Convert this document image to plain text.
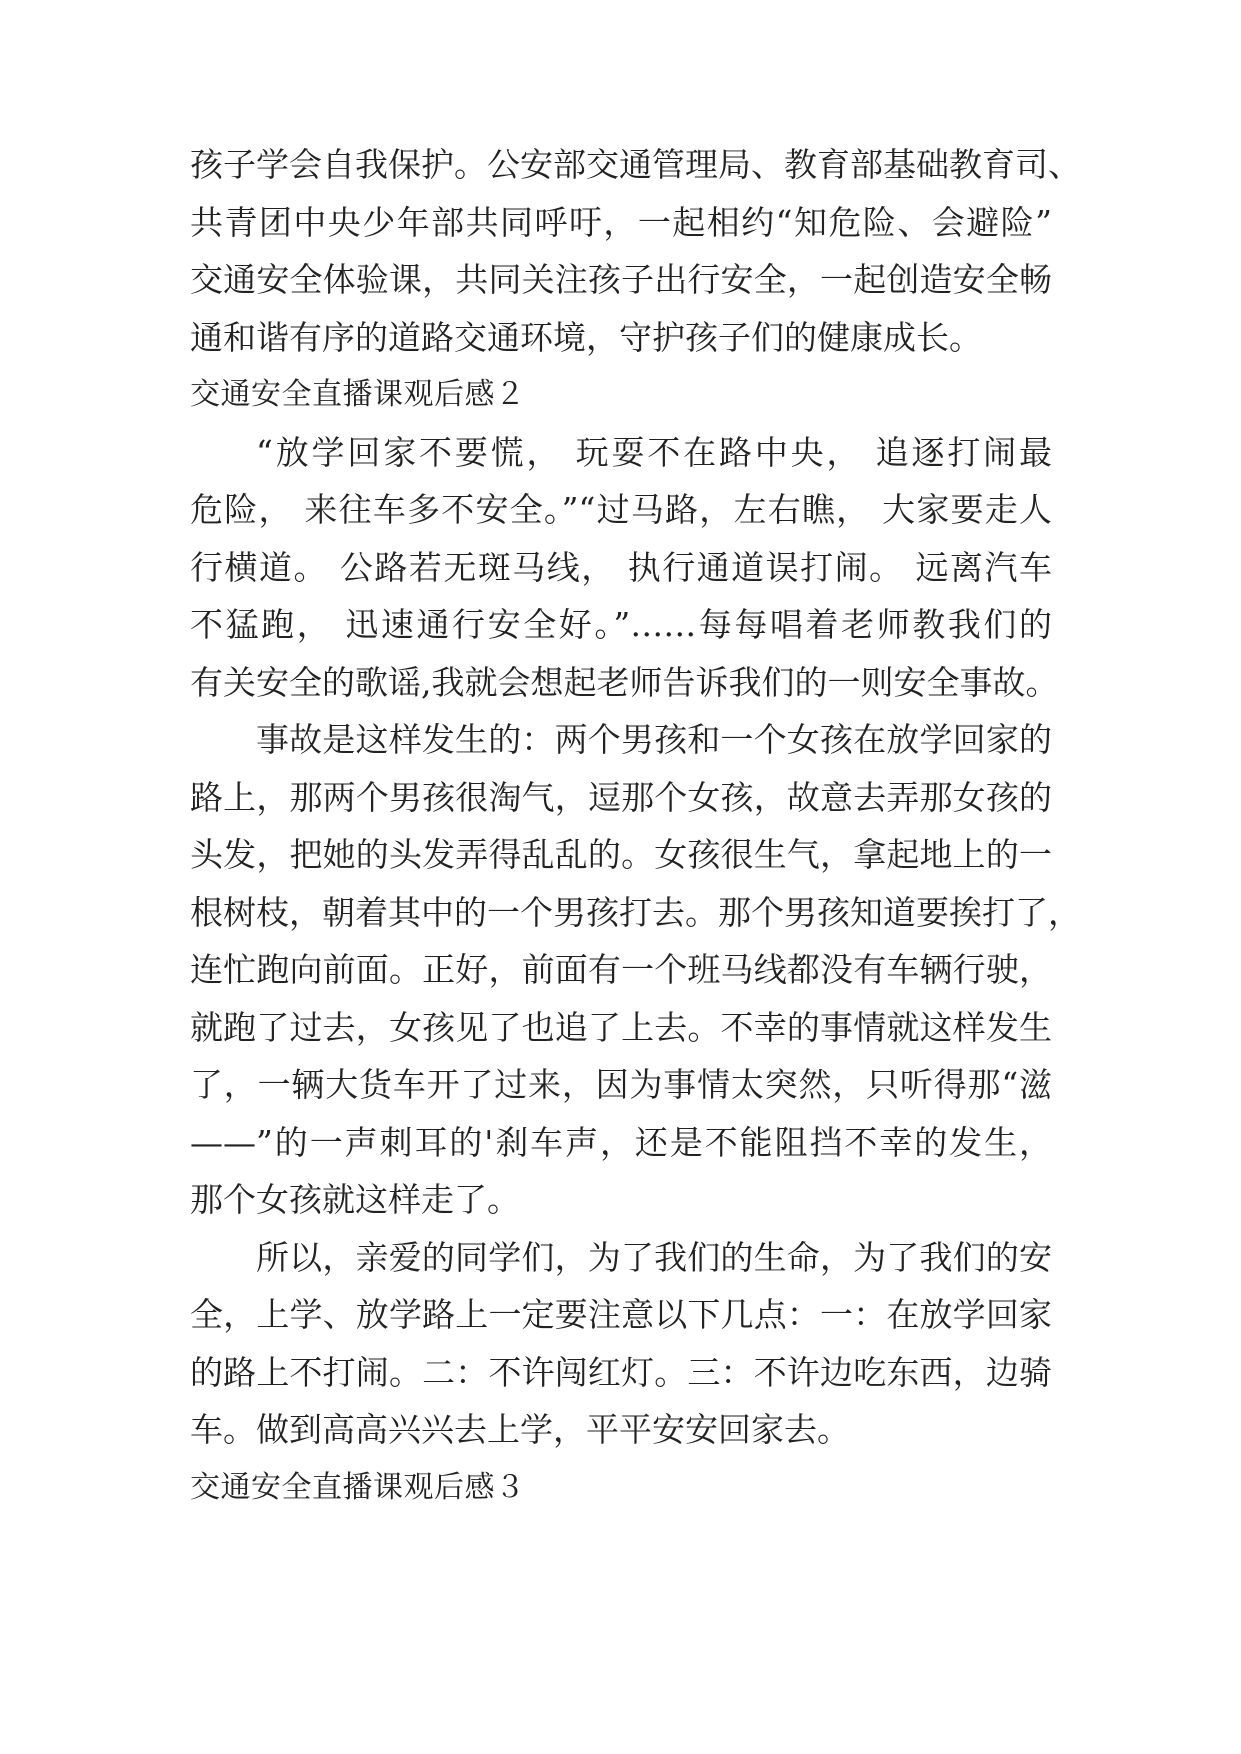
孩子学会自我保护。公安部交通管理局、教育部基础教育司、
共青团中央少年部共同呼吁，一起相约“知危险、会避险”
交通安全体验课，共同关注孩子出行安全，一起创造安全畅
通和谐有序的道路交通环境，守护孩子们的健康成长。
交通安全直播课观后感２
“放学回家不要慌， 玩耍不在路中央， 追逐打闹最
危险， 来往车多不安全。”“过马路，左右瞧， 大家要走人
行横道。 公路若无斑马线， 执行通道误打闹。 远离汽车
不猛跑， 迅速通行安全好。”……每每唱着老师教我们的
有关安全的歌谣,我就会想起老师告诉我们的一则安全事故。
事故是这样发生的：两个男孩和一个女孩在放学回家的
路上，那两个男孩很淘气，逗那个女孩，故意去弄那女孩的
头发，把她的头发弄得乱乱的。女孩很生气，拿起地上的一
根树枝，朝着其中的一个男孩打去。那个男孩知道要挨打了，
连忙跑向前面。正好，前面有一个班马线都没有车辆行驶，
就跑了过去，女孩见了也追了上去。不幸的事情就这样发生
了，一辆大货车开了过来，因为事情太突然，只听得那“滋
——”的一声刺耳的'刹车声，还是不能阻挡不幸的发生，
那个女孩就这样走了。
所以，亲爱的同学们，为了我们的生命，为了我们的安
全，上学、放学路上一定要注意以下几点：一：在放学回家
的路上不打闹。二：不许闯红灯。三：不许边吃东西，边骑
车。做到高高兴兴去上学，平平安安回家去。
交通安全直播课观后感３
